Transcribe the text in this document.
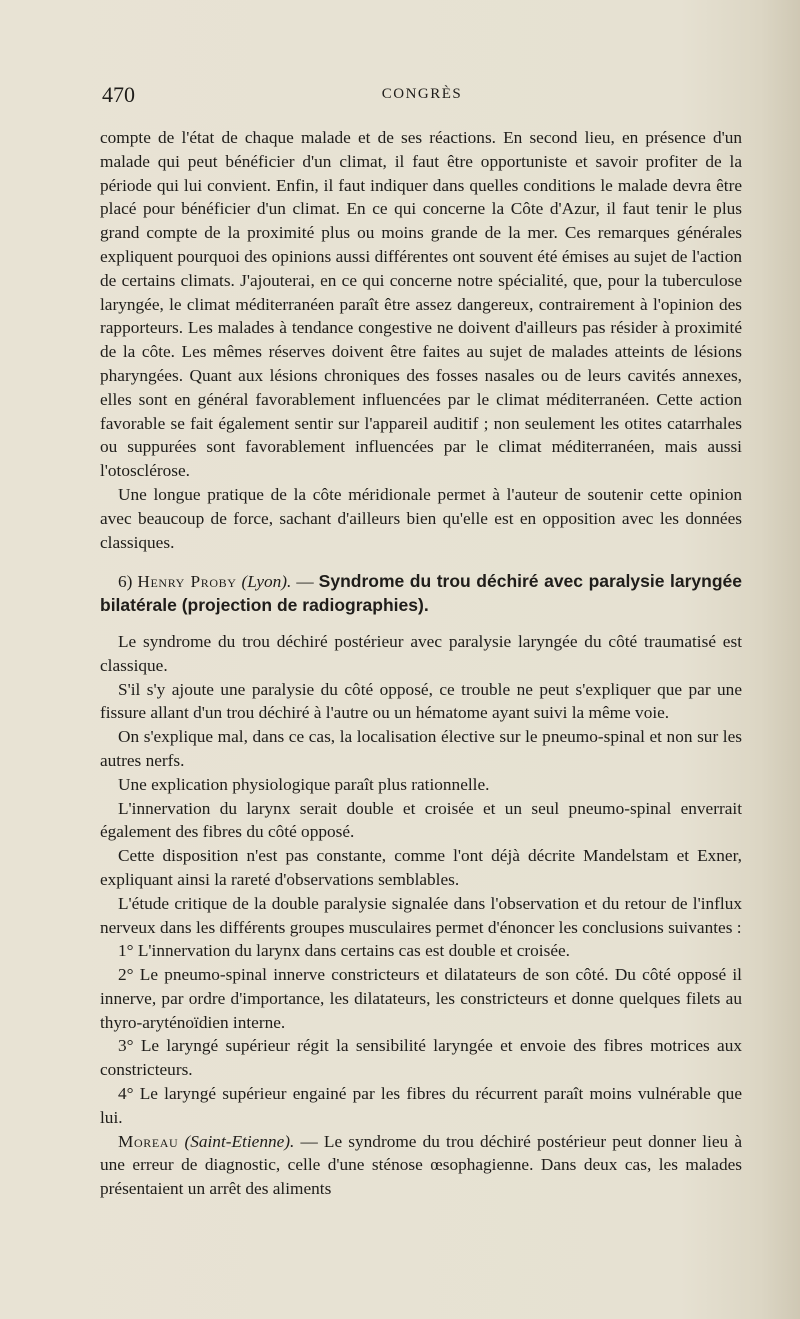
470	CONGRÈS

compte de l'état de chaque malade et de ses réactions. En second lieu, en présence d'un malade qui peut bénéficier d'un climat, il faut être opportuniste et savoir profiter de la période qui lui convient. Enfin, il faut indiquer dans quelles conditions le malade devra être placé pour bénéficier d'un climat. En ce qui concerne la Côte d'Azur, il faut tenir le plus grand compte de la proximité plus ou moins grande de la mer. Ces remarques générales expliquent pourquoi des opinions aussi différentes ont souvent été émises au sujet de l'action de certains climats. J'ajouterai, en ce qui concerne notre spécialité, que, pour la tuberculose laryngée, le climat méditerranéen paraît être assez dangereux, contrairement à l'opinion des rapporteurs. Les malades à tendance congestive ne doivent d'ailleurs pas résider à proximité de la côte. Les mêmes réserves doivent être faites au sujet de malades atteints de lésions pharyngées. Quant aux lésions chroniques des fosses nasales ou de leurs cavités annexes, elles sont en général favorablement influencées par le climat méditerranéen. Cette action favorable se fait également sentir sur l'appareil auditif ; non seulement les otites catarrhales ou suppurées sont favorablement influencées par le climat méditerranéen, mais aussi l'otosclérose.

Une longue pratique de la côte méridionale permet à l'auteur de soutenir cette opinion avec beaucoup de force, sachant d'ailleurs bien qu'elle est en opposition avec les données classiques.

6) Henry Proby (Lyon). — Syndrome du trou déchiré avec paralysie laryngée bilatérale (projection de radiographies).

Le syndrome du trou déchiré postérieur avec paralysie laryngée du côté traumatisé est classique.

S'il s'y ajoute une paralysie du côté opposé, ce trouble ne peut s'expliquer que par une fissure allant d'un trou déchiré à l'autre ou un hématome ayant suivi la même voie.

On s'explique mal, dans ce cas, la localisation élective sur le pneumo-spinal et non sur les autres nerfs.

Une explication physiologique paraît plus rationnelle.

L'innervation du larynx serait double et croisée et un seul pneumo-spinal enverrait également des fibres du côté opposé.

Cette disposition n'est pas constante, comme l'ont déjà décrite Mandelstam et Exner, expliquant ainsi la rareté d'observations semblables.

L'étude critique de la double paralysie signalée dans l'observation et du retour de l'influx nerveux dans les différents groupes musculaires permet d'énoncer les conclusions suivantes :

1° L'innervation du larynx dans certains cas est double et croisée.

2° Le pneumo-spinal innerve constricteurs et dilatateurs de son côté. Du côté opposé il innerve, par ordre d'importance, les dilatateurs, les constricteurs et donne quelques filets au thyro-aryténoïdien interne.

3° Le laryngé supérieur régit la sensibilité laryngée et envoie des fibres motrices aux constricteurs.

4° Le laryngé supérieur engainé par les fibres du récurrent paraît moins vulnérable que lui.

Moreau (Saint-Etienne). — Le syndrome du trou déchiré postérieur peut donner lieu à une erreur de diagnostic, celle d'une sténose œsophagienne. Dans deux cas, les malades présentaient un arrêt des aliments
